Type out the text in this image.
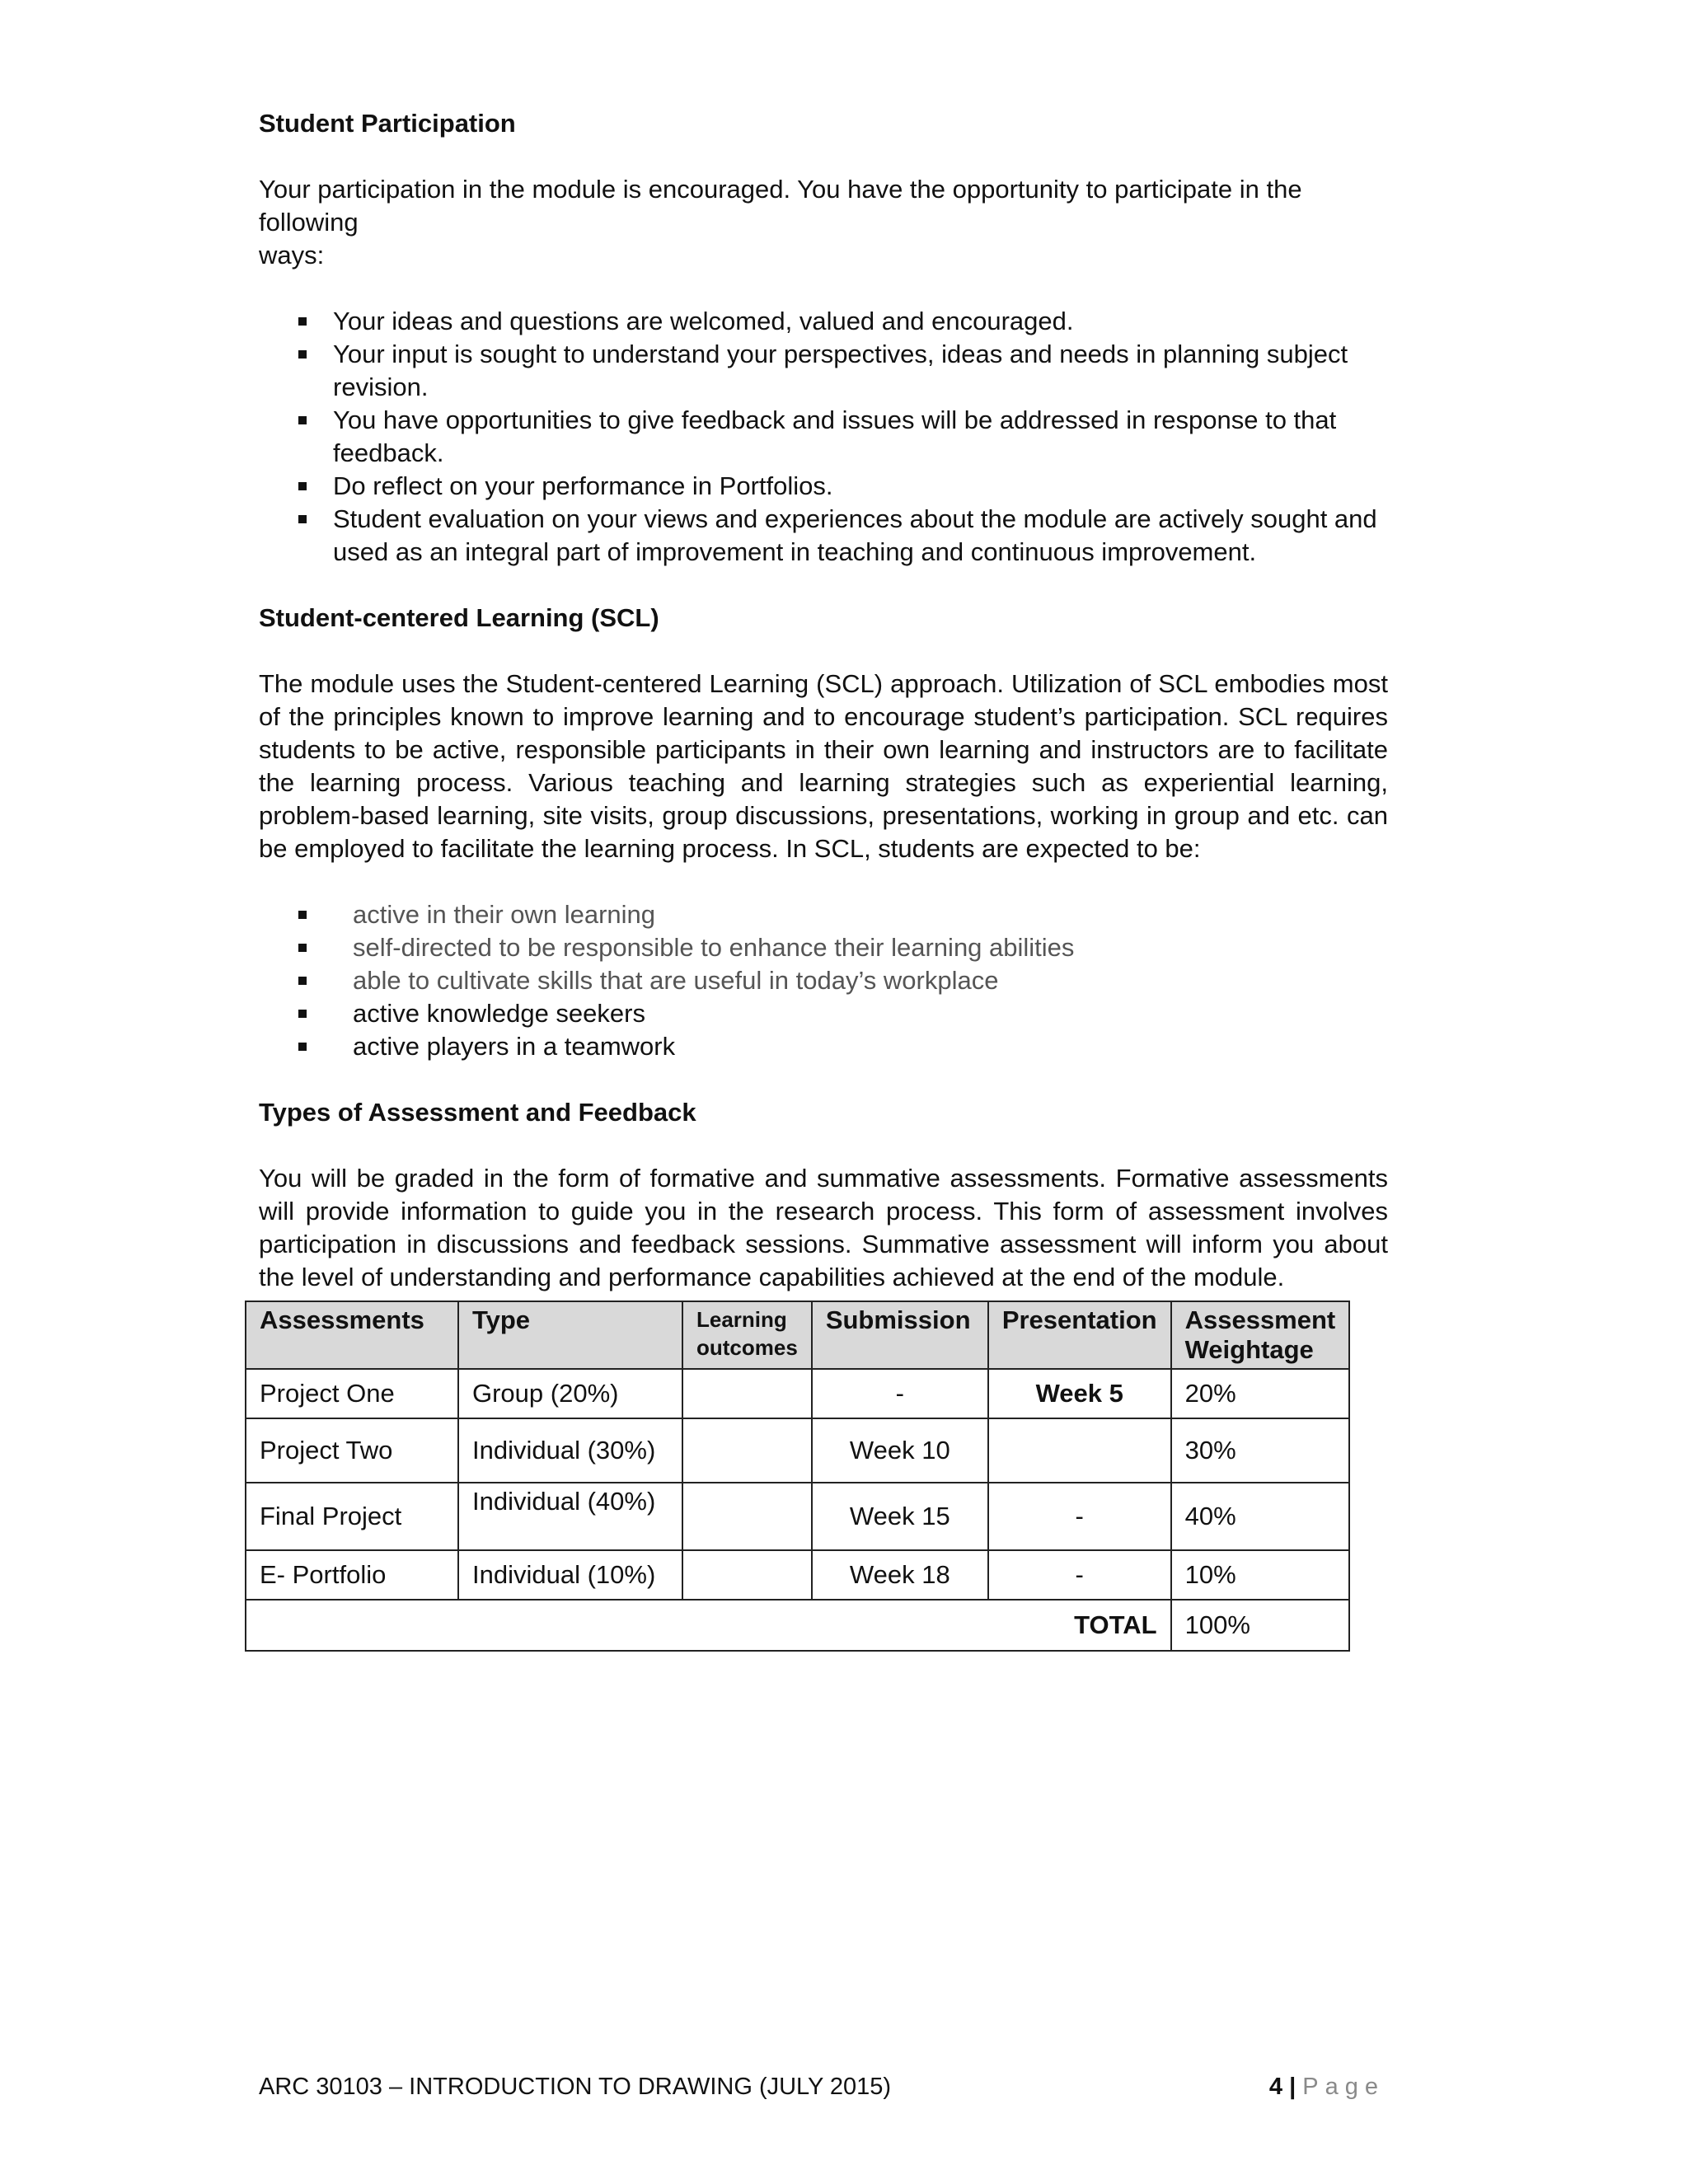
Student Participation

Your participation in the module is encouraged. You have the opportunity to participate in the following

ways:

Your ideas and questions are welcomed, valued and encouraged.
Your input is sought to understand your perspectives, ideas and needs in planning subject revision.
You have opportunities to give feedback and issues will be addressed in response to that feedback.
Do reflect on your performance in Portfolios.
Student evaluation on your views and experiences about the module are actively sought and used as an integral part of improvement in teaching and continuous improvement.
Student-centered Learning (SCL)

The module uses the Student-centered Learning (SCL) approach. Utilization of SCL embodies most of the principles known to improve learning and to encourage student’s participation. SCL requires students to be active, responsible participants in their own learning and instructors are to facilitate the learning process. Various teaching and learning strategies such as experiential learning, problem-based learning, site visits, group discussions, presentations, working in group and etc. can be employed to facilitate the learning process. In SCL, students are expected to be:

active in their own learning
self-directed to be responsible to enhance their learning abilities
able to cultivate skills that are useful in today’s workplace
active knowledge seekers
active players in a teamwork
Types of Assessment and Feedback

You will be graded in the form of formative and summative assessments. Formative assessments will provide information to guide you in the research process. This form of assessment involves participation in discussions and feedback sessions. Summative assessment will inform you about the level of understanding and performance capabilities achieved at the end of the module.

Assessments	Type	Learning outcomes	Submission	Presentation	Assessment Weightage
Project One	Group (20%)		-	Week 5	20%
Project Two	Individual (30%)		Week 10		30%
Final Project	Individual (40%)		Week 15	-	40%
E- Portfolio	Individual (10%)		Week 18	-	10%
TOTAL					100%
ARC 30103 – INTRODUCTION TO DRAWING (JULY 2015)	4 | Page
